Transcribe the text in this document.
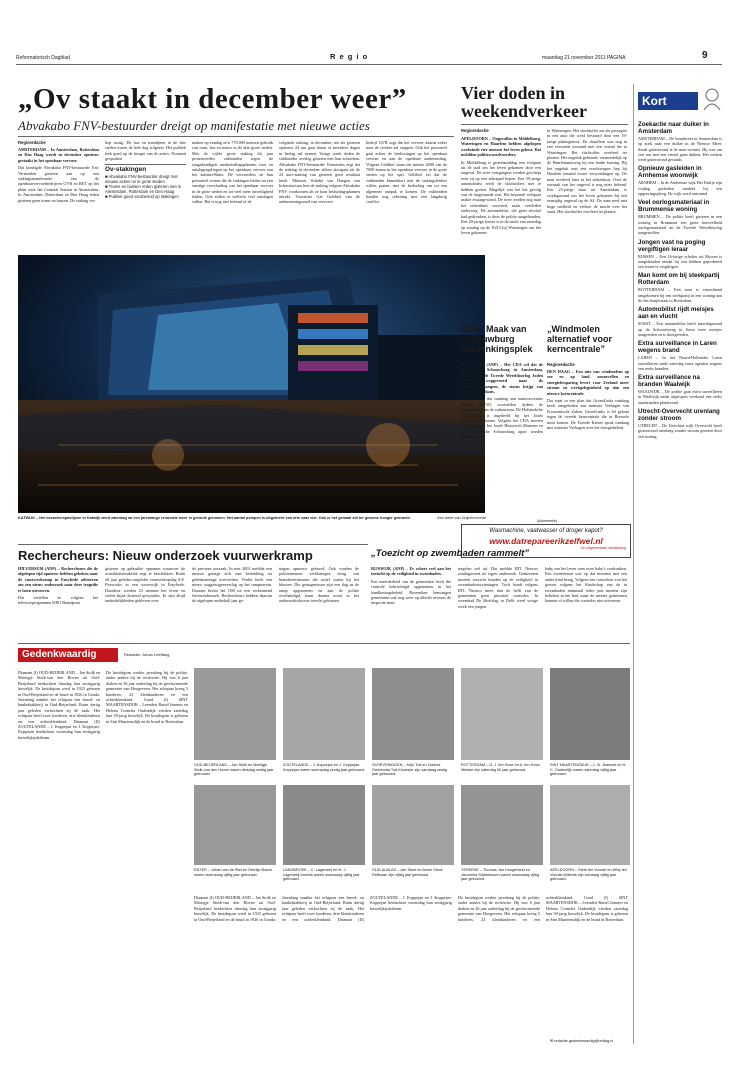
Reformatorisch Dagblad	R e g i o	maandag 21 november 2011 PAGINA	9
„Ov staakt in december weer”
Abvakabo FNV-bestuurder dreigt op manifestatie met nieuwe acties
Regioredactie

AMSTERDAM – In Amsterdam, Rotterdam en Den Haag wordt in december opnieuw gestaakt in het openbaar vervoer.

Dat kondigde Abvakabo FNV-bestuurder Eric Vermeulen gisteren aan op een stakingsmanifestatie van de openbaarvervoerbedrijven GVB en RET op het plein voor het Centraal Station in Amsterdam. In Amsterdam, Rotterdam en Den Haag reden gisteren geen trams en bussen. De staking ver-

liep rustig. De bus en tramlijnen in de drie steden waren de hele dag stilgezet. Het publiek leek goed op de hoogte van de acties. Normaal gesproken

Ov-stakingen
■ Abvakabo FNV-bestuurder dreigt met nieuwe acties ov in grote steden
■ Trams en bussen reden gisteren niet in Amsterdam, Rotterdam en Den Haag
■ Publiek goed voorbereid op stakingen
maken op zondag zo'n 770.000 mensen gebruik van tram, bus en metro in de drie grote steden. Met de vijfde grote staking dit jaar protesteerden vakbonden tegen de aangekondigde aanbestedingsplannen voor en ontslagregelingen op het openbaar vervoer van het kabinet-Rutte. De vervoerders en hun personeel vrezen dat de stakingen leiden tot een ernstige verschraling van het openbaar vervoer in de grote steden en tot veel meer onveiligheid leiden. Ook zullen er wellicht veel ontslagen vallen. Het is nog niet bekend of de
volgende staking, in december, net als gisteren opnieuw 24 uur gaat duren of meerdere dagen in beslag zal nemen. Vorige week deden de vakbonden overleg gisteren met hun achterban. Abvakabo FNV-bestuurder Vermeulen zegt dat de staking in december alleen doorgaat als de 24 uurs-staking van gisteren geen resultaat heeft. Minister Schultz van Haegen van Infrastructuur kon de staking volgens Abvakabo FNV voorkomen als ze haar besluitingsplannen intrekt. Voorzitter Ger Geldhof van de ondernemingsraad van vervoers-
bedrijf GVB zegt dat het vervoer daarna zeker naar de rechter zal stappen. Ook het personeel gaat achter de beslissingen op het openbaar vervoer en aan de openbare aanbesteding. Volgens Geldhof staan ten minste 2000 van de 7000 banen in het openbaar vervoer in de grote steden op het spel. Geldhof zei dat de vakbonden binnenkort met de stakingsleiders willen praten, met de bedoeling om tot een algemene aanpak te komen. De vakbonden houden nog rekening met een langdurig conflict.
KATWIJK – Het bezoekerspaviljoen in Katwijk werd zaterdag na een jarenlange renovatie weer in gebruik genomen. Het aantal pompen is uitgebreid van drie naar vier. Ook is het gemaal stil ter gewone hoogte gebracht.	foto Adrie van Duijvenvoorde
Vier doden in weekendverkeer
Regioredactie

APELDOORN – Ongevallen in Middelburg, Wateringen en Haarlem hebben afgelopen weekeinde vier mensen het leven gekost. Dat meldden politiewoordvoerders.

In Middelburg is gisternmiddag een echtpaar uit de stad om het leven gekomen door een ongeval. De twee voetgangers werden geschept toen zij op een zebrapad liepen. Een 59-jarige automobilist reedt de slachtoffers niet te hebben gezien. Mogelijk was het het gevolg van de laagstaande zon. Het bejaarde echtpaar raakte zwaargewond. De twee werden nog naar het ziekenhuis vervoerd, maar overleden onderweg. De automobilist, die geen alcohol had gedronken, is door de politie aangehouden. Een 20-jarige fietser is in de nacht van zaterdag op zondag op de N213 bij Wateringen om het leven gekomen.

in Wateringen. Het slachtoffer zat als passagier in een auto die werd bestuurd door een 19-jarige plaatsgenoot. De chauffeur was nog in een verwarde toestand met een vriend die in Wateringen. Het slachtoffer overleed ter plaatse. Het ongeluk gebeurde vermoedelijk op de Haarlemmerweg bij een harde botsing. Bij het ongeluk met een vrachtwagen liep bij Haarlem iemand zware verwondingen op. De man overleed later in het ziekenhuis. Over de oorzaak van het ongeval is nog niets bekend. Een 23-jarige man uit Amsterdam is vrijdagavond om het leven gekomen bij een eenzijdig ongeval op de A4. De man reed met hoge snelheid en verloor de macht over het stuur. Het slachtoffer overleed ter plaatse.
CDA: Maak van schouwburg herdenkingsplek

DEN HAAG (ANP) – Het CDA wil dat de Hollandsche Schouwburg in Amsterdam, vanwaar in de Tweede Wereldoorlog Joden werden weggevoerd naar de concentratiekampen, de status krijgt van herdenkingsplaats.

Het CDA zal dat vandaag aan staatssecretaris Zijlstra (OCW) voorstellen tijdens de behandeling van de cultuurnota. De Hollandsche Schouwburg is ingedeeld bij het Joods Historisch Museum. Volgens het CDA moeten subsidies voor het Joods Historisch Museum en de Hollandsche Schouwburg apart worden toegekend.

„Windmolen alternatief voor kerncentrale”
Regioredactie

DEN HAAG – Een mix van windmolens op zee en op land, zonnecellen en energiebesparing levert voor Zeeland meer stroom en werkgelegenheid op dan een nieuwe kerncentrale.

Dat staat in een plan dat GroenLinks vandaag heeft aangeboden aan minister Verhagen van Economische Zaken. GroenLinks is fel gekant tegen de tweede kerncentrale die in Borssele moet komen. De Tweede Kamer sprak vandaag met minister Verhagen over het energiebeleid.

(Advertentie)
Wasmachine, vaatwasser of droger kapot?
www.datrepareerikzelfwel.nl
De uitgebreidste handleiding
Rechercheurs: Nieuw onderzoek vuurwerkramp

HILVERSUM (ANP) – Rechercheurs die de afgelopen tijd opnieuw hebben gekeken naar de vuurwerkramp in Enschede adviseren om een nieuw onderzoek naar deze tragedie te laten uitvoeren.

Dat vertellen ze volgens het televisieprogramma KRO Brandpunt

gisteren op gebruikte opnames waarover de actualiteitenrubriek zegt te beschikken. Ruim elf jaar geleden ontplofte vuurwerkopslag S.E. Fireworks in een woonwijk in Enschede. Daardoor werden 23 mensen het leven en vielen bijna duizend gewonden. Er zijn altijd onduidelijkheden gebleven over
de precieze oorzaak. In met 2001 meldde een nieuwe getuige zich met betrekking tot geheimzinnige activiteiten. Verder heeft een nieuw ooggetuigenverslag op het rampterrein. Daarom beslot het OM tot een verkennend feitenonderzoek. Rechercheurs hebben daarom de afgelopen anderhalf jaar ge-
tingen opnieuw geborsd. Ook vonden de politiemensen verklaringen terug van brandweermensen die actief waren bij het blussen. Die getuigenissen zijn een dag na de ramp opgenomen en aan de politie overhandigd, maar daarna nooit in het onderzoeksdossier terecht gekomen.
„Toezicht op zwembaden rammelt”

RIJSWIJK (ANP) – Er schort veel aan het toezicht op de veiligheid in zwembaden.

Een meerderheid van de gemeenten heeft die controle bekrachtigd opgenomen in het handhavingsbeleid. Bovendien beminigen gemeenten ook nog weer op allerlei niveaus de inspectie maa-

tregelen wel uit. Dat meldde RTL Nieuws zondagavond na eigen onderzoek. Gemeenten moeten toezicht houden op de veiligheid in zwembadvoorzieningen. Toch houdt volgens RTL Nieuws meer dan de helft van de gemeenten geen prioriteit controles. In zwembad De Hoefslag in Delft werd vorige week een jongen
baby om het leven toen twee baby's verdronken. Een zwemleraar was op dat moment met een ander kind bezig. Volgens een controleur zou het gevaar volgens het Kindschap van de in zwembaden minimaal ieder jaar moeten zijn bekeken in het bad, maar de meeste gemeenten kunnen of willen die controles niet uitvoeren.
Gedenkwaardig	Redactie: Johan Leeflang
Diamant (I) OUD-BEIJERLAND – Jan Stolk en Marrigje Stolk-van den Hoven uit Oud-Beijerland herdachten dinsdag hun zestigjarig huwelijk. De bruidegom werd in 1923 geboren in Oud-Beijerland en de bruid in 1926 in Gouda. Jarenlang maakte het echtpaar een brood- en banketbakkerij in Oud-Beijerland. Ruim dertig jaar geleden verkochten zij de zaak. Het echtpaar heeft twee kinderen, drie kleinkinderen en een achterkleinkind. Diamant (II) ZOUTELANDE – J. Koppejan en J. Koppejan-Koppejan herdachten woensdag hun zestigjarig huwelijksjubileum.
De bruidegom werkte jarenlang bij de politie, onder andere bij de recherche. Hij was 6 jaar diaken en 26 jaar ouderling bij de gereformeerde gemeente van Hoogeveen. Het echtpaar kreeg 5 kinderen, 23 kleinkinderen en een achterkleinkind. Goud (I) SINT MAARTENSDIJK – Leendert Bartel Jeannes en Helena Cornelia Oudendijk vierden zaterdag hun 50-jarig huwelijk. De bruidegom is geboren in Sint Maartensdijk en de bruid in Rotterdam.
OUD-BEIJERLAND – Jan Stolk en Marrigje Stolk-van den Hoven waren dinsdag zestig jaar getrouwd.
ZOUTELANDE – J. Koppejan en J. Koppejan-Koppejan waren woensdag zestig jaar getrouwd.
SCHEVENINGEN – Krijn Tuit en Clasina Geertruida Tuit-Knoester zijn vandaag zestig jaar getrouwd.
ROTTERDAM – G. J. ten Hove en A. ten Hove-Metske zijn zaterdag 50 jaar getrouwd.
SINT MAARTENSDIJK – L. B. Jeannes en H. C. Oudendijk waren zaterdag vijftig jaar getrouwd.
ENTER – Johan van de Riet en Gerritje Bosch waren woensdag vijftig jaar getrouwd.
LANGBROEK – C. Lagerweij en M. J. Lagerweij-Immink waren woensdag vijftig jaar getrouwd.
OUD-ALBLAS – Jan Stout en Annie Stout-Pellikaan zijn vijftig jaar getrouwd.
YERSEKE – Thomas Jan Hoogerland en Jacomina Slabbekoorn waren woensdag vijftig jaar getrouwd.
APELDOORN – Dierk ten Voorde en Willy ten Voorde-Wilbrink zijn vandaag vijftig jaar getrouwd.

Diamant (I) OUD-BEIJERLAND – Jan Stolk en Marrigje Stolk-van den Hoven uit Oud-Beijerland herdachten dinsdag hun zestigjarig huwelijk. De bruidegom werd in 1923 geboren in Oud-Beijerland en de bruid in 1926 in Gouda. Jarenlang maakte het echtpaar een brood- en banketbakkerij in Oud-Beijerland. Ruim dertig jaar geleden verkochten zij de zaak. Het echtpaar heeft twee kinderen, drie kleinkinderen en een achterkleinkind. Diamant (II) ZOUTELANDE – J. Koppejan en J. Koppejan-Koppejan herdachten woensdag hun zestigjarig huwelijksjubileum.

De bruidegom werkte jarenlang bij de politie, onder andere bij de recherche. Hij was 6 jaar diaken en 26 jaar ouderling bij de gereformeerde gemeente van Hoogeveen. Het echtpaar kreeg 5 kinderen, 23 kleinkinderen en een achterkleinkind. Goud (I) SINT MAARTENSDIJK – Leendert Bartel Jeannes en Helena Cornelia Oudendijk vierden zaterdag hun 50-jarig huwelijk. De bruidegom is geboren in Sint Maartensdijk en de bruid in Rotterdam.

✉ redactie.gedenkwaardig@refdag.nl
Kort
Zoekactie naar duiker in Amsterdam

AMSTERDAM – De brandweer in Amsterdam is op zoek naar een duiker in de Nieuwe Meer. Sinds gisteravond is de man vermist. Hij was om vier uur met een vriend gaan duiken. Het zoeken werd gisteravond gestaakt.

Opnieuw gasleiden in Arnhemse woonwijk

ARNHEM – In de Arnhemse wijk Het Duifje zijn vrijdag gasleiden ontdekt bij een opgravingsploeg. De wijk werd ontruimd.

Veel oorlogsmateriaal in Brummense woning

BRUMMEN – De politie heeft gisteren in een woning in Brummen een grote hoeveelheid oorlogsmateriaal uit de Tweede Wereldoorlog aangetroffen.

Jongen vast na poging vergiftigen leraar

RIJSSEN – Een 16-jarige scholier uit Rijssen is aangehouden omdat hij zou hebben geprobeerd een leraar te vergiftigen.

Man komt om bij steekpartij Rotterdam

ROTTERDAM – Een man is vanochtend omgekomen bij een steekpartij in een woning aan de Jan Sonjéstraat in Rotterdam.

Automobilist rijdt meisjes aan en vlucht

SOEST – Een automobilist heeft zaterdagavond op de Schoutenweg in Soest twee meisjes aangereden en is doorgereden.

Extra surveillance in Laren wegens brand

LAREN – In het Noord-Hollandse Laren surveilleren sinds zaterdag extra agenten wegens een reeks branden.

Extra surveillance na branden Waalwijk

WAALWIJK – De politie gaat extra surveilleren in Waalwijk nadat afgelopen weekend een reeks autobranden plaatsvond.

Utrecht-Overvecht urenlang zonder stroom

UTRECHT – De Utrechtse wijk Overvecht heeft gisteravond urenlang zonder stroom gezeten door een storing.
